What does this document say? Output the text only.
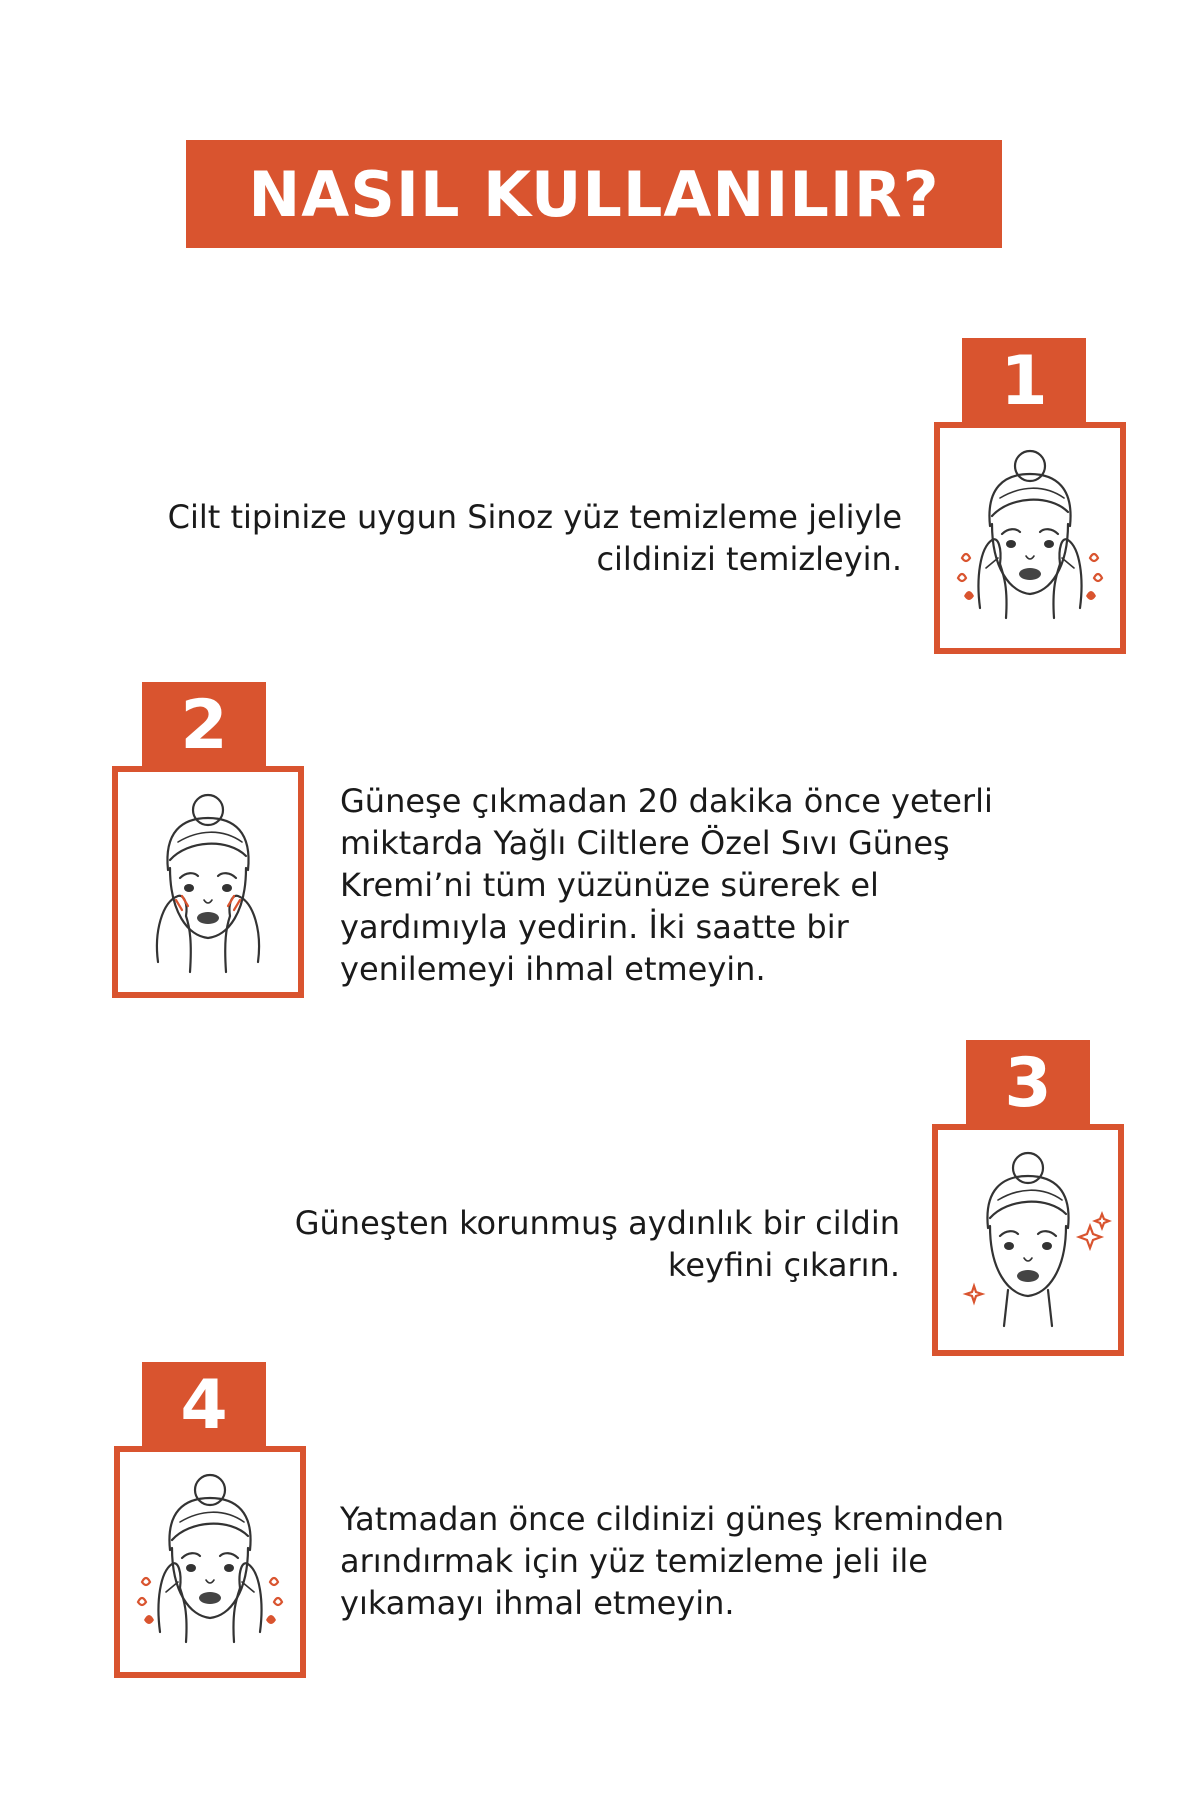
NASIL KULLANILIR?
1
Cilt tipinize uygun Sinoz yüz temizleme jeliyle
cildinizi temizleyin.
2
Güneşe çıkmadan 20 dakika önce yeterli
miktarda Yağlı Ciltlere Özel Sıvı Güneş
Kremi’ni tüm yüzünüze sürerek el
yardımıyla yedirin. İki saatte bir
yenilemeyi ihmal etmeyin.
3
Güneşten korunmuş aydınlık bir cildin
keyfini çıkarın.
4
Yatmadan önce cildinizi güneş kreminden
arındırmak için yüz temizleme jeli ile
yıkamayı ihmal etmeyin.
